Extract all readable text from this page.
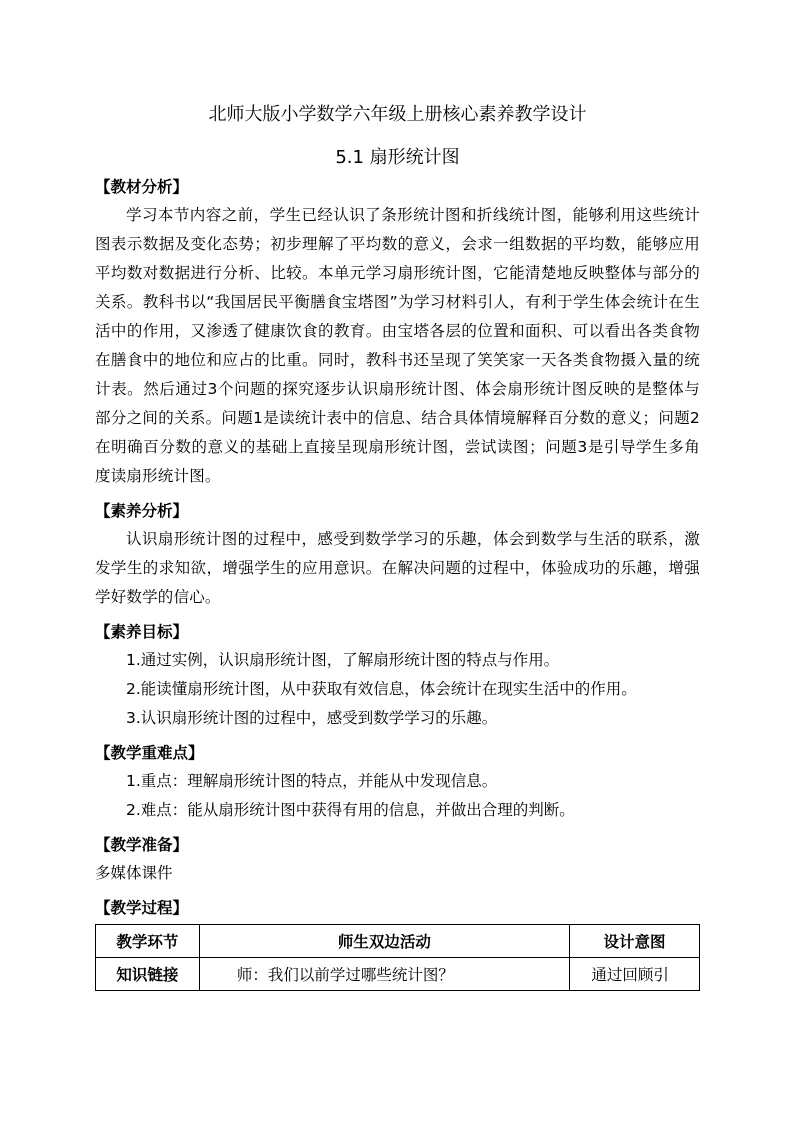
北师大版小学数学六年级上册核心素养教学设计

5.1 扇形统计图

【教材分析】

学习本节内容之前，学生已经认识了条形统计图和折线统计图，能够利用这些统计图表示数据及变化态势；初步理解了平均数的意义，会求一组数据的平均数，能够应用平均数对数据进行分析、比较。本单元学习扇形统计图，它能清楚地反映整体与部分的关系。教科书以“我国居民平衡膳食宝塔图”为学习材料引人，有利于学生体会统计在生活中的作用，又渗透了健康饮食的教育。由宝塔各层的位置和面积、可以看出各类食物在膳食中的地位和应占的比重。同时，教科书还呈现了笑笑家一天各类食物摄入量的统计表。然后通过3个问题的探究逐步认识扇形统计图、体会扇形统计图反映的是整体与部分之间的关系。问题1是读统计表中的信息、结合具体情境解释百分数的意义；问题2在明确百分数的意义的基础上直接呈现扇形统计图，尝试读图；问题3是引导学生多角度读扇形统计图。

【素养分析】

认识扇形统计图的过程中，感受到数学学习的乐趣，体会到数学与生活的联系，激发学生的求知欲，增强学生的应用意识。在解决问题的过程中，体验成功的乐趣，增强学好数学的信心。

【素养目标】

1.通过实例，认识扇形统计图，了解扇形统计图的特点与作用。

2.能读懂扇形统计图，从中获取有效信息，体会统计在现实生活中的作用。

3.认识扇形统计图的过程中，感受到数学学习的乐趣。

【教学重难点】

1.重点：理解扇形统计图的特点，并能从中发现信息。

2.难点：能从扇形统计图中获得有用的信息，并做出合理的判断。

【教学准备】

多媒体课件

【教学过程】

教学环节	师生双边活动	设计意图
知识链接	师：我们以前学过哪些统计图？	通过回顾引
